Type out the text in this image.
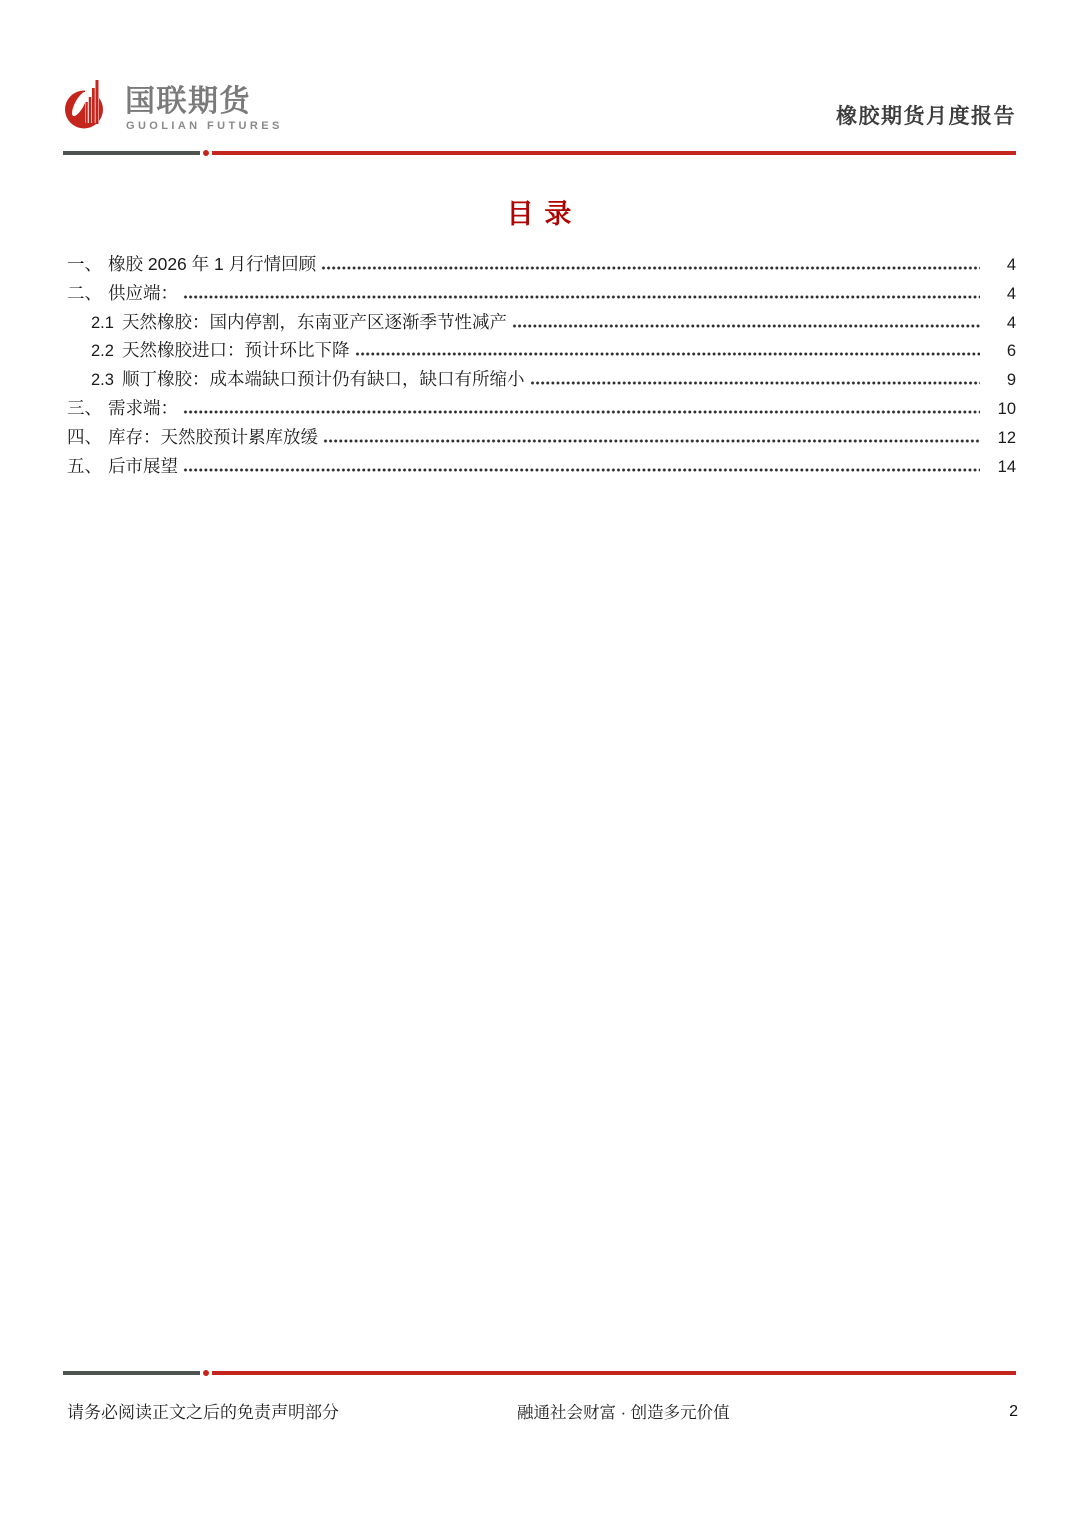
国联期货
GUOLIAN FUTURES	橡胶期货月度报告
目 录
一、 橡胶 2026 年 1 月行情回顾	4
二、 供应端：	4
2.1 天然橡胶：国内停割，东南亚产区逐渐季节性减产	4
2.2 天然橡胶进口：预计环比下降	6
2.3 顺丁橡胶：成本端缺口预计仍有缺口，缺口有所缩小	9
三、 需求端：	10
四、 库存：天然胶预计累库放缓	12
五、 后市展望	14
请务必阅读正文之后的免责声明部分	融通社会财富 · 创造多元价值	2
